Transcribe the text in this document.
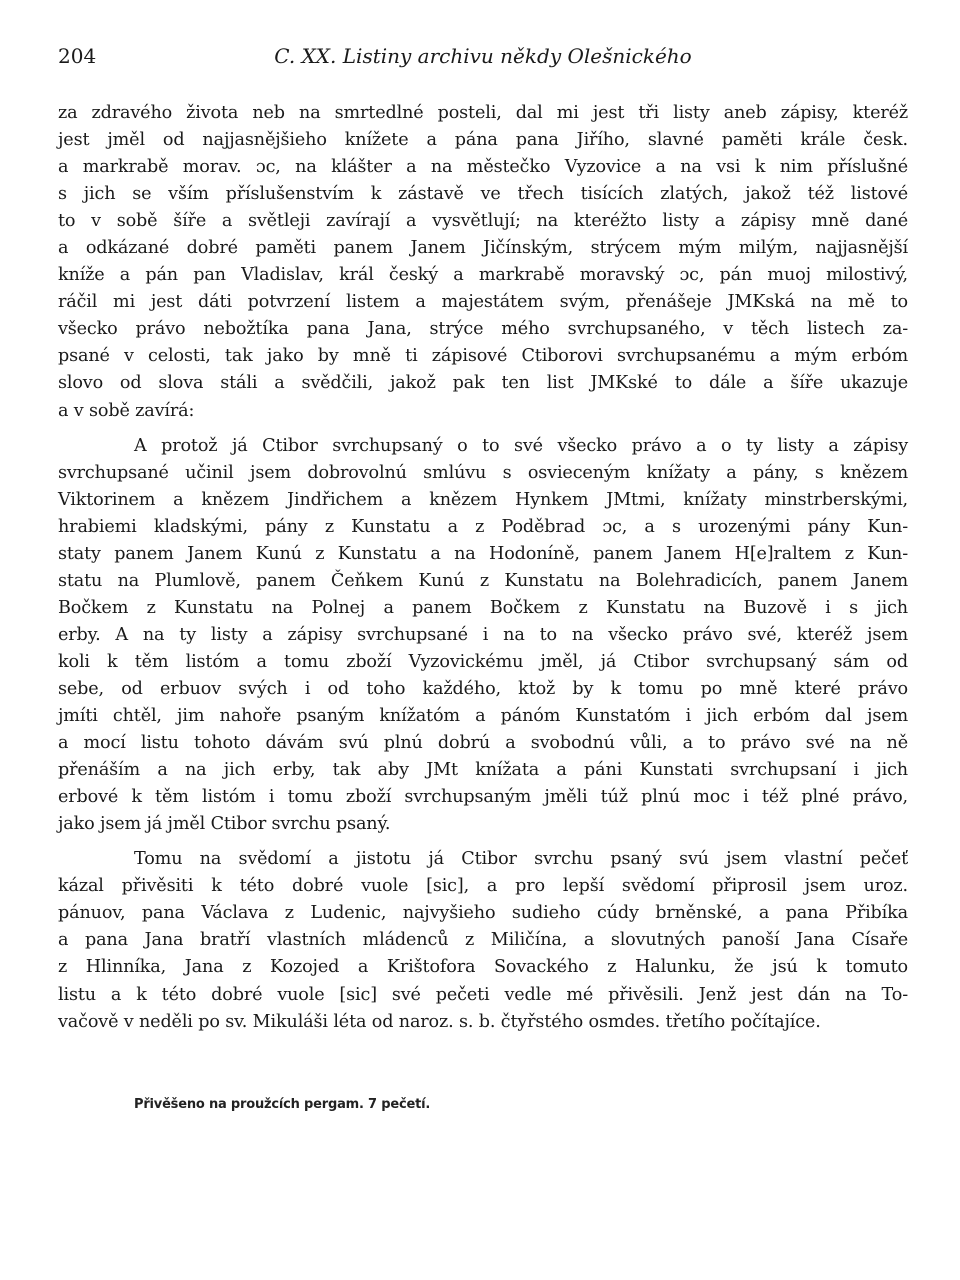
204	C. XX. Listiny archivu někdy Olešnického
za zdravého života neb na smrtedlné posteli, dal mi jest tři listy aneb zápisy, kteréž
jest jměl od najjasnějšieho knížete a pána pana Jiřího, slavné paměti krále česk.
a markrabě morav. ɔc, na klášter a na městečko Vyzovice a na vsi k nim příslušné
s jich se vším příslušenstvím k zástavě ve třech tisících zlatých, jakož též listové
to v sobě šíře a světleji zavírají a vysvětlují; na kteréžto listy a zápisy mně dané
a odkázané dobré paměti panem Janem Jičínským, strýcem mým milým, najjasnější
kníže a pán pan Vladislav, král český a markrabě moravský ɔc, pán muoj milostivý,
ráčil mi jest dáti potvrzení listem a majestátem svým, přenášeje JMKská na mě to
všecko právo nebožtíka pana Jana, strýce mého svrchupsaného, v těch listech za-
psané v celosti, tak jako by mně ti zápisové Ctiborovi svrchupsanému a mým erbóm
slovo od slova stáli a svědčili, jakož pak ten list JMKské to dále a šíře ukazuje
a v sobě zavírá:
A protož já Ctibor svrchupsaný o to své všecko právo a o ty listy a zápisy
svrchupsané učinil jsem dobrovolnú smlúvu s osvieceným knížaty a pány, s knězem
Viktorinem a knězem Jindřichem a knězem Hynkem JMtmi, knížaty minstrberskými,
hrabiemi kladskými, pány z Kunstatu a z Poděbrad ɔc, a s urozenými pány Kun-
staty panem Janem Kunú z Kunstatu a na Hodoníně, panem Janem H[e]raltem z Kun-
statu na Plumlově, panem Čeňkem Kunú z Kunstatu na Bolehradicích, panem Janem
Bočkem z Kunstatu na Polnej a panem Bočkem z Kunstatu na Buzově i s jich
erby. A na ty listy a zápisy svrchupsané i na to na všecko právo své, kteréž jsem
koli k těm listóm a tomu zboží Vyzovickému jměl, já Ctibor svrchupsaný sám od
sebe, od erbuov svých i od toho každého, ktož by k tomu po mně které právo
jmíti chtěl, jim nahoře psaným knížatóm a pánóm Kunstatóm i jich erbóm dal jsem
a mocí listu tohoto dávám svú plnú dobrú a svobodnú vůli, a to právo své na ně
přenáším a na jich erby, tak aby JMt knížata a páni Kunstati svrchupsaní i jich
erbové k těm listóm i tomu zboží svrchupsaným jměli túž plnú moc i též plné právo,
jako jsem já jměl Ctibor svrchu psaný.
Tomu na svědomí a jistotu já Ctibor svrchu psaný svú jsem vlastní pečeť
kázal přivěsiti k této dobré vuole [sic], a pro lepší svědomí připrosil jsem uroz.
pánuov, pana Václava z Ludenic, najvyšieho sudieho cúdy brněnské, a pana Přibíka
a pana Jana bratří vlastních mládenců z Miličína, a slovutných panoší Jana Císaře
z Hlinníka, Jana z Kozojed a Krištofora Sovackého z Halunku, že jsú k tomuto
listu a k této dobré vuole [sic] své pečeti vedle mé přivěsili. Jenž jest dán na To-
vačově v neděli po sv. Mikuláši léta od naroz. s. b. čtyřstého osmdes. třetího počítajíce.
Přivěšeno na proužcích pergam. 7 pečetí.
